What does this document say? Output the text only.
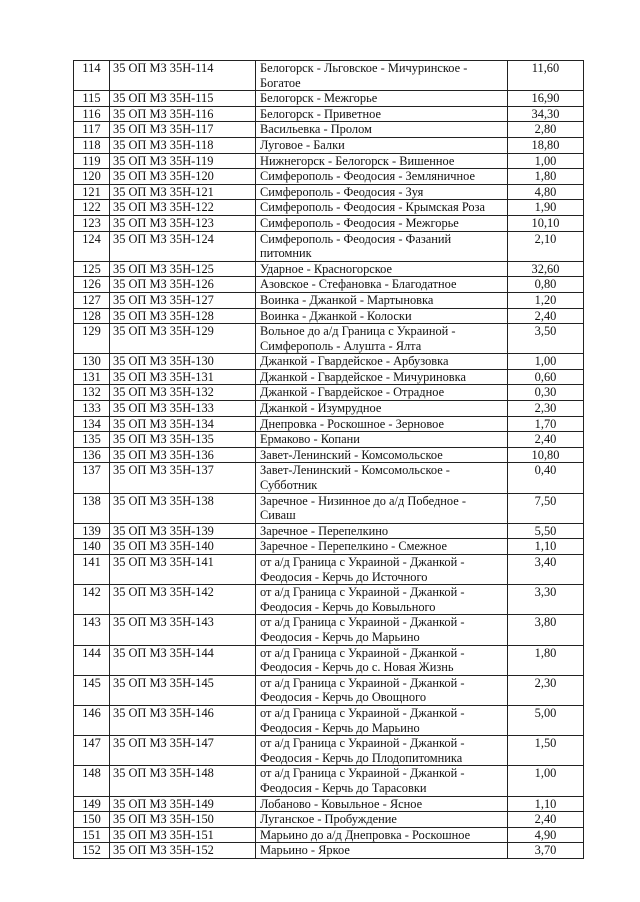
114	35 ОП МЗ 35Н-114	Белогорск - Льговское - Мичуринское -
Богатое	11,60
115	35 ОП МЗ 35Н-115	Белогорск - Межгорье	16,90
116	35 ОП МЗ 35Н-116	Белогорск - Приветное	34,30
117	35 ОП МЗ 35Н-117	Васильевка - Пролом	2,80
118	35 ОП МЗ 35Н-118	Луговое - Балки	18,80
119	35 ОП МЗ 35Н-119	Нижнегорск - Белогорск - Вишенное	1,00
120	35 ОП МЗ 35Н-120	Симферополь - Феодосия - Земляничное	1,80
121	35 ОП МЗ 35Н-121	Симферополь - Феодосия - Зуя	4,80
122	35 ОП МЗ 35Н-122	Симферополь - Феодосия - Крымская Роза	1,90
123	35 ОП МЗ 35Н-123	Симферополь - Феодосия - Межгорье	10,10
124	35 ОП МЗ 35Н-124	Симферополь - Феодосия - Фазаний
питомник	2,10
125	35 ОП МЗ 35Н-125	Ударное - Красногорское	32,60
126	35 ОП МЗ 35Н-126	Азовское - Стефановка - Благодатное	0,80
127	35 ОП МЗ 35Н-127	Воинка - Джанкой - Мартыновка	1,20
128	35 ОП МЗ 35Н-128	Воинка - Джанкой - Колоски	2,40
129	35 ОП МЗ 35Н-129	Вольное до а/д Граница с Украиной -
Симферополь - Алушта - Ялта	3,50
130	35 ОП МЗ 35Н-130	Джанкой - Гвардейское - Арбузовка	1,00
131	35 ОП МЗ 35Н-131	Джанкой - Гвардейское - Мичуриновка	0,60
132	35 ОП МЗ 35Н-132	Джанкой - Гвардейское - Отрадное	0,30
133	35 ОП МЗ 35Н-133	Джанкой - Изумрудное	2,30
134	35 ОП МЗ 35Н-134	Днепровка - Роскошное - Зерновое	1,70
135	35 ОП МЗ 35Н-135	Ермаково - Копани	2,40
136	35 ОП МЗ 35Н-136	Завет-Ленинский - Комсомольское	10,80
137	35 ОП МЗ 35Н-137	Завет-Ленинский - Комсомольское -
Субботник	0,40
138	35 ОП МЗ 35Н-138	Заречное - Низинное до а/д Победное -
Сиваш	7,50
139	35 ОП МЗ 35Н-139	Заречное - Перепелкино	5,50
140	35 ОП МЗ 35Н-140	Заречное - Перепелкино - Смежное	1,10
141	35 ОП МЗ 35Н-141	от а/д Граница с Украиной - Джанкой -
Феодосия - Керчь до Источного	3,40
142	35 ОП МЗ 35Н-142	от а/д Граница с Украиной - Джанкой -
Феодосия - Керчь до Ковыльного	3,30
143	35 ОП МЗ 35Н-143	от а/д Граница с Украиной - Джанкой -
Феодосия - Керчь до Марьино	3,80
144	35 ОП МЗ 35Н-144	от а/д Граница с Украиной - Джанкой -
Феодосия - Керчь до с. Новая Жизнь	1,80
145	35 ОП МЗ 35Н-145	от а/д Граница с Украиной - Джанкой -
Феодосия - Керчь до Овощного	2,30
146	35 ОП МЗ 35Н-146	от а/д Граница с Украиной - Джанкой -
Феодосия - Керчь до Марьино	5,00
147	35 ОП МЗ 35Н-147	от а/д Граница с Украиной - Джанкой -
Феодосия - Керчь до Плодопитомника	1,50
148	35 ОП МЗ 35Н-148	от а/д Граница с Украиной - Джанкой -
Феодосия - Керчь до Тарасовки	1,00
149	35 ОП МЗ 35Н-149	Лобаново - Ковыльное - Ясное	1,10
150	35 ОП МЗ 35Н-150	Луганское - Пробуждение	2,40
151	35 ОП МЗ 35Н-151	Марьино до а/д Днепровка - Роскошное	4,90
152	35 ОП МЗ 35Н-152	Марьино - Яркое	3,70
